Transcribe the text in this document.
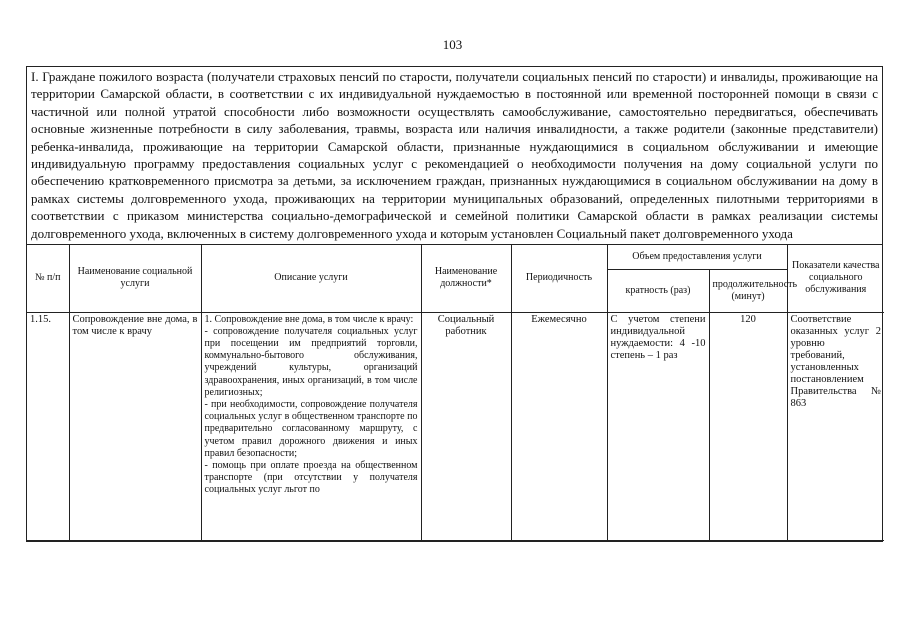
103
I. Граждане пожилого возраста (получатели страховых пенсий по старости, получатели социальных пенсий по старости) и инвалиды, проживающие на территории Самарской области, в соответствии с их индивидуальной нуждаемостью в постоянной или временной посторонней помощи в связи с частичной или полной утратой способности либо возможности осуществлять самообслуживание, самостоятельно передвигаться, обеспечивать основные жизненные потребности в силу заболевания, травмы, возраста или наличия инвалидности, а также родители (законные представители) ребенка-инвалида, проживающие на территории Самарской области, признанные нуждающимися в социальном обслуживании и имеющие индивидуальную программу предоставления социальных услуг с рекомендацией о необходимости получения на дому социальной услуги по обеспечению кратковременного присмотра за детьми, за исключением граждан, признанных нуждающимися в социальном обслуживании на дому в рамках системы долговременного ухода, проживающих на территории муниципальных образований, определенных пилотными территориями в соответствии с приказом министерства социально-демографической и семейной политики Самарской области в рамках реализации системы долговременного ухода, включенных в систему долговременного ухода и которым установлен Социальный пакет долговременного ухода
№ п/п	Наименование социальной услуги	Описание услуги	Наименование должности*	Периодичность	Объем предоставления услуги		Показатели качества социального обслуживания
					кратность (раз)	продолжительность (минут)	
1.15.	Сопровождение вне дома, в том числе к врачу	1. Сопровождение вне дома, в том числе к врачу:
- сопровождение получателя социальных услуг при посещении им предприятий торговли, коммунально-бытового обслуживания, учреждений культуры, организаций здравоохранения, иных организаций, в том числе религиозных;
- при необходимости, сопровождение получателя социальных услуг в общественном транспорте по предварительно согласованному маршруту, с учетом правил дорожного движения и иных правил безопасности;
- помощь при оплате проезда на общественном транспорте (при отсутствии у получателя социальных услуг льгот по	Социальный работник	Ежемесячно	С учетом степени индивидуальной нуждаемости: 4 -10 степень – 1 раз	120	Соответствие оказанных услуг 2 уровню требований, установленных постановлением Правительства № 863
